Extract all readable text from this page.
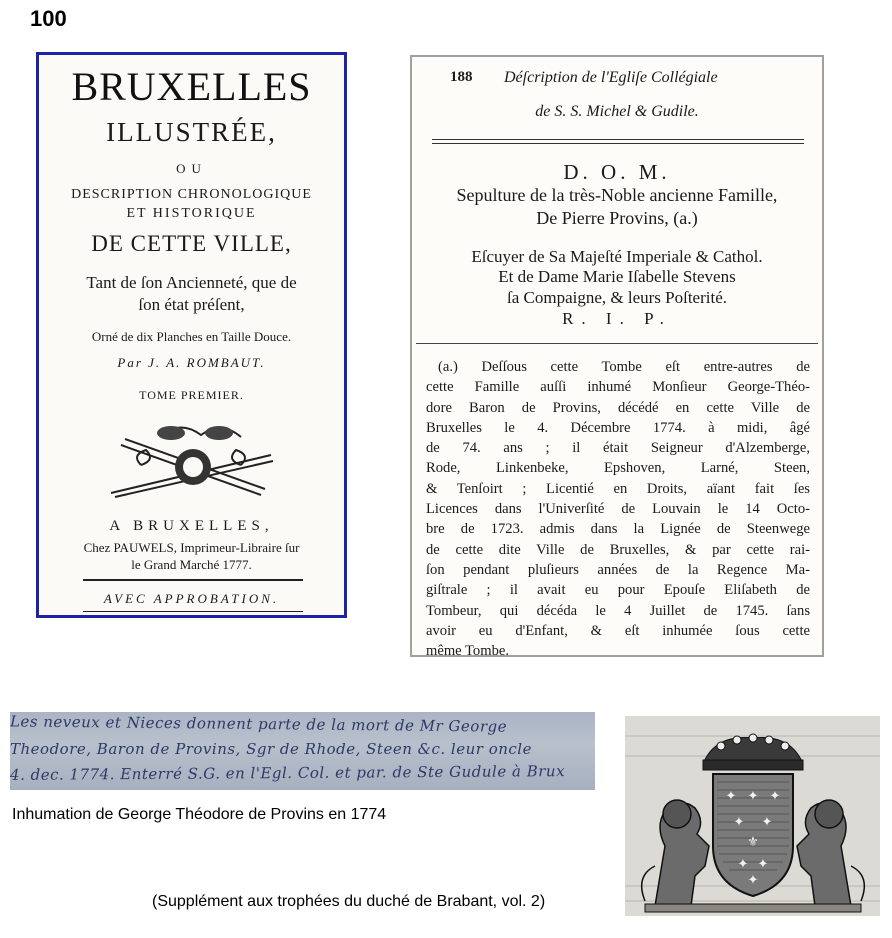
100
BRUXELLES
ILLUSTRÉE,
OU
DESCRIPTION CHRONOLOGIQUE
ET HISTORIQUE
DE CETTE VILLE,
Tant de ſon Ancienneté, que de
ſon état préſent,
Orné de dix Planches en Taille Douce.
Par J. A. ROMBAUT.
TOME PREMIER.
A BRUXELLES,
Chez PAUWELS, Imprimeur-Libraire ſur
le Grand Marché 1777.
AVEC APPROBATION.
188 Déſcription de l'Egliſe Collégiale
de S. S. Michel & Gudile.
D. O. M.
Sepulture de la très-Noble ancienne Famille,
De Pierre Provins, (a.)
Eſcuyer de Sa Majeſté Imperiale & Cathol.
Et de Dame Marie Iſabelle Stevens
ſa Compaigne, & leurs Poſterité.
R. I. P.
(a.) Deſſous cette Tombe eſt entre-autres de
cette Famille auſſi inhumé Monſieur George-Théo-
dore Baron de Provins, décédé en cette Ville de
Bruxelles le 4. Décembre 1774. à midi, âgé
de 74. ans ; il était Seigneur d'Alzemberge,
Rode, Linkenbeke, Epshoven, Larné, Steen,
& Tenſoirt ; Licentié en Droits, aïant fait ſes
Licences dans l'Univerſité de Louvain le 14 Octo-
bre de 1723. admis dans la Lignée de Steenwege
de cette dite Ville de Bruxelles, & par cette rai-
ſon pendant pluſieurs années de la Regence Ma-
giſtrale ; il avait eu pour Epouſe Eliſabeth de
Tombeur, qui décéda le 4 Juillet de 1745. ſans
avoir eu d'Enfant, & eſt inhumée ſous cette
même Tombe.
Les neveux et Nieces donnent parte de la mort de Mr George
Theodore, Baron de Provins, Sgr de Rhode, Steen &c. leur oncle
4. dec. 1774. Enterré S.G. en l'Egl. Col. et par. de Ste Gudule à Brux
Inhumation de George Théodore de Provins en 1774
✦ ✦ ✦
✦ ✦
⚜
✦ ✦
✦
(Supplément aux trophées du duché de Brabant, vol. 2)
